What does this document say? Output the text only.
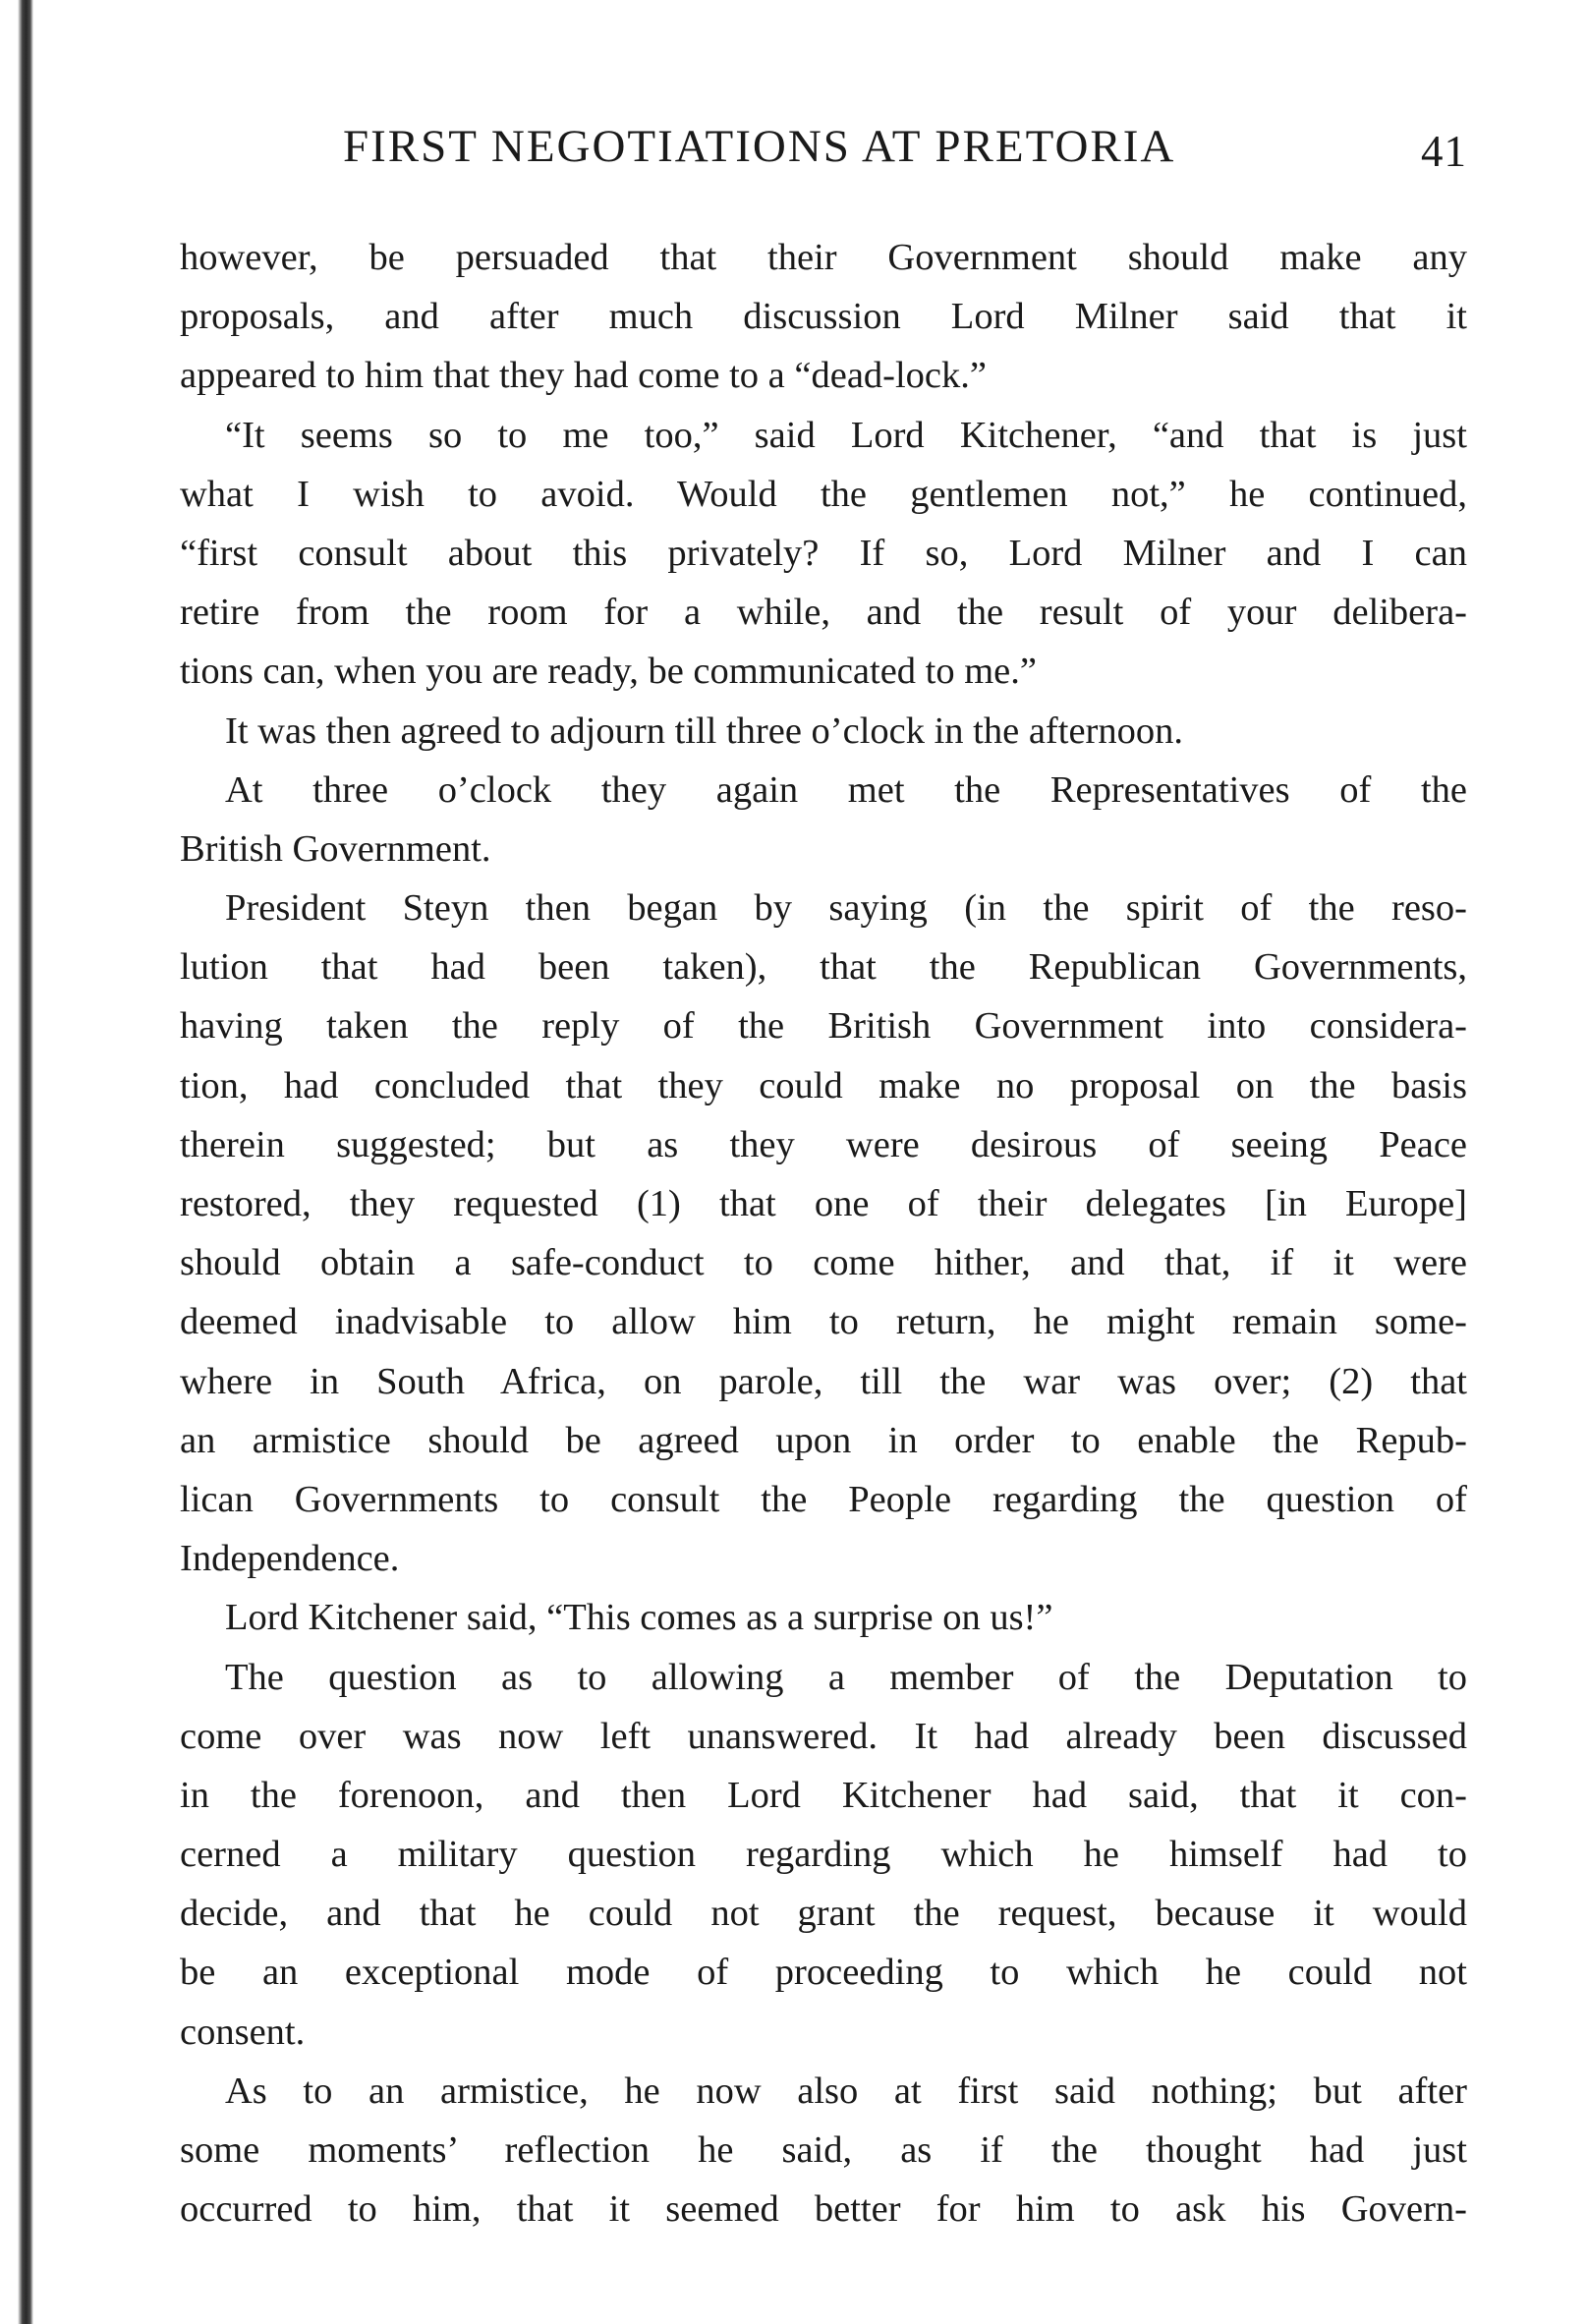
FIRST NEGOTIATIONS AT PRETORIA	41
however, be persuaded that their Government should make any
proposals, and after much discussion Lord Milner said that it
appeared to him that they had come to a “dead-lock.”
“It seems so to me too,” said Lord Kitchener, “and that is just
what I wish to avoid. Would the gentlemen not,” he continued,
“first consult about this privately? If so, Lord Milner and I can
retire from the room for a while, and the result of your delibera-
tions can, when you are ready, be communicated to me.”
It was then agreed to adjourn till three o’clock in the afternoon.
At three o’clock they again met the Representatives of the
British Government.
President Steyn then began by saying (in the spirit of the reso-
lution that had been taken), that the Republican Governments,
having taken the reply of the British Government into considera-
tion, had concluded that they could make no proposal on the basis
therein suggested; but as they were desirous of seeing Peace
restored, they requested (1) that one of their delegates [in Europe]
should obtain a safe-conduct to come hither, and that, if it were
deemed inadvisable to allow him to return, he might remain some-
where in South Africa, on parole, till the war was over; (2) that
an armistice should be agreed upon in order to enable the Repub-
lican Governments to consult the People regarding the question of
Independence.
Lord Kitchener said, “This comes as a surprise on us!”
The question as to allowing a member of the Deputation to
come over was now left unanswered. It had already been discussed
in the forenoon, and then Lord Kitchener had said, that it con-
cerned a military question regarding which he himself had to
decide, and that he could not grant the request, because it would
be an exceptional mode of proceeding to which he could not
consent.
As to an armistice, he now also at first said nothing; but after
some moments’ reflection he said, as if the thought had just
occurred to him, that it seemed better for him to ask his Govern-
